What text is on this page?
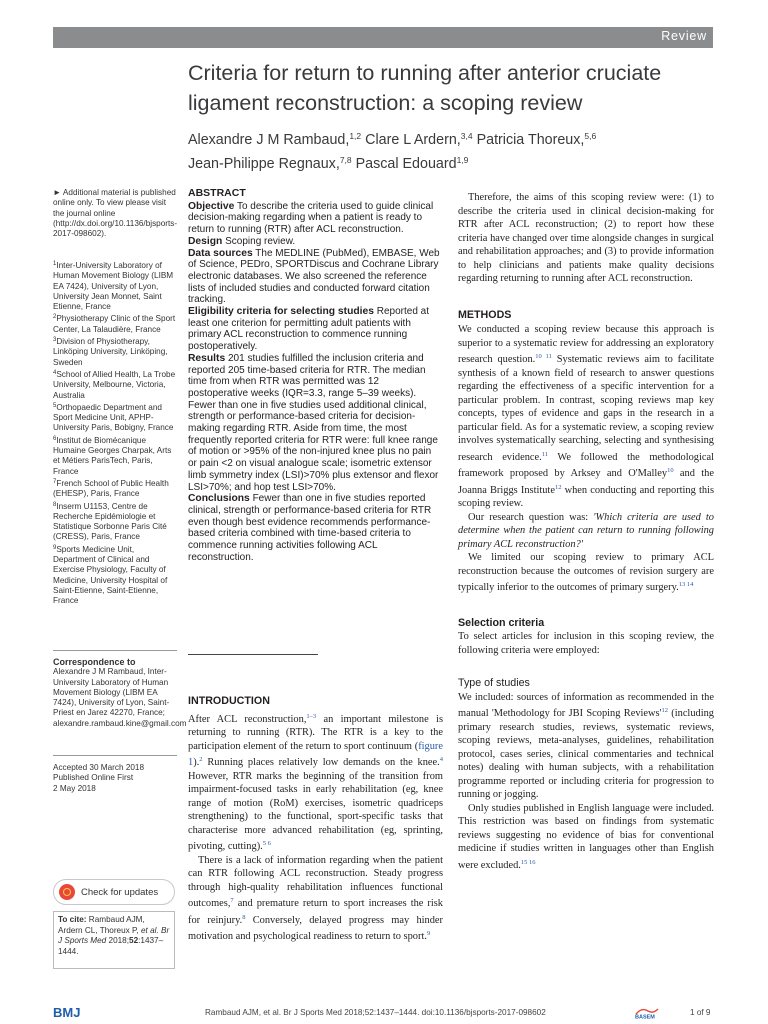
Review
Criteria for return to running after anterior cruciate ligament reconstruction: a scoping review
Alexandre J M Rambaud,$^{1,2}$ Clare L Ardern,$^{3,4}$ Patricia Thoreux,$^{5,6}$
Jean-Philippe Regnaux,$^{7,8}$ Pascal Edouard$^{1,9}$
► Additional material is published online only. To view please visit the journal online (http://dx.doi.org/10.1136/bjsports-2017-098602).

$^1$Inter-University Laboratory of Human Movement Biology (LIBM EA 7424), University of Lyon, University Jean Monnet, Saint Etienne, France

$^2$Physiotherapy Clinic of the Sport Center, La Talaudière, France

$^3$Division of Physiotherapy, Linköping University, Linköping, Sweden

$^4$School of Allied Health, La Trobe University, Melbourne, Victoria, Australia

$^5$Orthopaedic Department and Sport Medicine Unit, APHP-University Paris, Bobigny, France

$^6$Institut de Biomécanique Humaine Georges Charpak, Arts et Métiers ParisTech, Paris, France

$^7$French School of Public Health (EHESP), Paris, France

$^8$Inserm U1153, Centre de Recherche Epidémiologie et Statistique Sorbonne Paris Cité (CRESS), Paris, France

$^9$Sports Medicine Unit, Department of Clinical and Exercise Physiology, Faculty of Medicine, University Hospital of Saint-Etienne, Saint-Etienne, France

Correspondence to
Alexandre J M Rambaud, Inter-University Laboratory of Human Movement Biology (LIBM EA 7424), University of Lyon, Saint-Priest en Jarez 42270, France; alexandre.rambaud.kine@gmail.com
Accepted 30 March 2018
Published Online First
2 May 2018
Check for updates
To cite: Rambaud AJM, Ardern CL, Thoreux P, et al. Br J Sports Med 2018;52:1437–1444.
ABSTRACT
Objective To describe the criteria used to guide clinical decision-making regarding when a patient is ready to return to running (RTR) after ACL reconstruction.
Design Scoping review.
Data sources The MEDLINE (PubMed), EMBASE, Web of Science, PEDro, SPORTDiscus and Cochrane Library electronic databases. We also screened the reference lists of included studies and conducted forward citation tracking.
Eligibility criteria for selecting studies Reported at least one criterion for permitting adult patients with primary ACL reconstruction to commence running postoperatively.
Results 201 studies fulfilled the inclusion criteria and reported 205 time-based criteria for RTR. The median time from when RTR was permitted was 12 postoperative weeks (IQR=3.3, range 5–39 weeks). Fewer than one in five studies used additional clinical, strength or performance-based criteria for decision-making regarding RTR. Aside from time, the most frequently reported criteria for RTR were: full knee range of motion or >95% of the non-injured knee plus no pain or pain <2 on visual analogue scale; isometric extensor limb symmetry index (LSI)>70% plus extensor and flexor LSI>70%; and hop test LSI>70%.
Conclusions Fewer than one in five studies reported clinical, strength or performance-based criteria for RTR even though best evidence recommends performance-based criteria combined with time-based criteria to commence running activities following ACL reconstruction.
INTRODUCTION

After ACL reconstruction,$^{1-3}$ an important milestone is returning to running (RTR). The RTR is a key to the participation element of the return to sport continuum (figure 1).$^2$ Running places relatively low demands on the knee.$^4$ However, RTR marks the beginning of the transition from impairment-focused tasks in early rehabilitation (eg, knee range of motion (RoM) exercises, isometric quadriceps strengthening) to the functional, sport-specific tasks that characterise more advanced rehabilitation (eg, sprinting, pivoting, cutting).$^{5 6}$

There is a lack of information regarding when the patient can RTR following ACL reconstruction. Steady progress through high-quality rehabilitation influences functional outcomes,$^7$ and premature return to sport increases the risk for reinjury.$^8$ Conversely, delayed progress may hinder motivation and psychological readiness to return to sport.$^9$

Therefore, the aims of this scoping review were: (1) to describe the criteria used in clinical decision-making for RTR after ACL reconstruction; (2) to report how these criteria have changed over time alongside changes in surgical and rehabilitation approaches; and (3) to provide information to help clinicians and patients make quality decisions regarding returning to running after ACL reconstruction.

METHODS

We conducted a scoping review because this approach is superior to a systematic review for addressing an exploratory research question.$^{10 11}$ Systematic reviews aim to facilitate synthesis of a known field of research to answer questions regarding the effectiveness of a specific intervention for a particular problem. In contrast, scoping reviews map key concepts, types of evidence and gaps in the research in a particular field. As for a systematic review, a scoping review involves systematically searching, selecting and synthesising research evidence.$^{11}$ We followed the methodological framework proposed by Arksey and O'Malley$^{10}$ and the Joanna Briggs Institute$^{12}$ when conducting and reporting this scoping review.

Our research question was: 'Which criteria are used to determine when the patient can return to running following primary ACL reconstruction?'

We limited our scoping review to primary ACL reconstruction because the outcomes of revision surgery are typically inferior to the outcomes of primary surgery.$^{13 14}$

Selection criteria

To select articles for inclusion in this scoping review, the following criteria were employed:

Type of studies

We included: sources of information as recommended in the manual 'Methodology for JBI Scoping $Reviews'^{12}$ (including primary research studies, reviews, systematic reviews, scoping reviews, meta-analyses, guidelines, rehabilitation protocol, cases series, clinical commentaries and technical notes) dealing with human subjects, with a rehabilitation programme reported or including criteria for progression to running or jogging.

Only studies published in English language were included. This restriction was based on findings from systematic reviews suggesting no evidence of bias for conventional medicine if studies written in languages other than English were excluded.$^{15 16}$

BMJ	Rambaud AJM, et al. Br J Sports Med 2018;52:1437–1444. doi:10.1136/bjsports-2017-098602
BASEM
1 of 9
